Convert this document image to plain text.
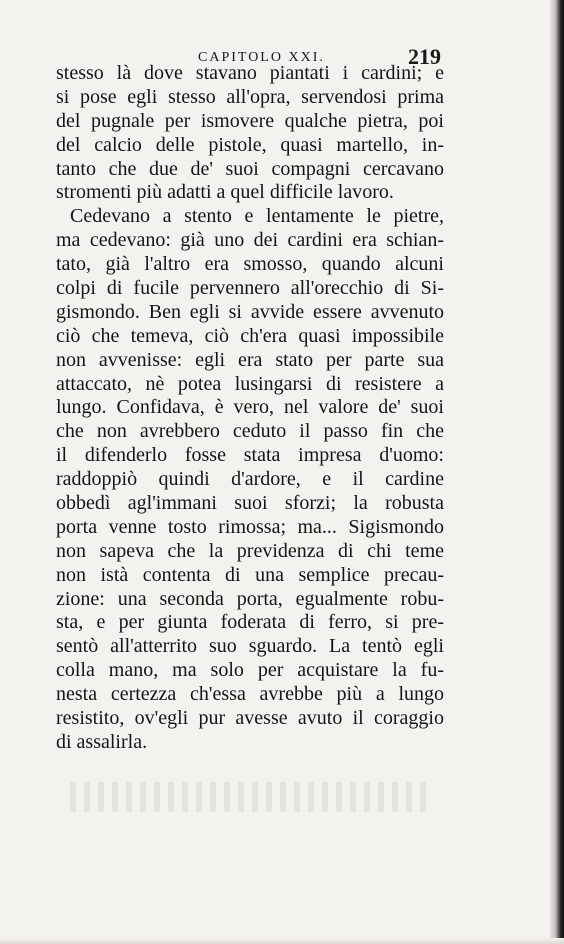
CAPITOLO XXI.	219
stesso là dove stavano piantati i cardini; e
si pose egli stesso all'opra, servendosi prima
del pugnale per ismovere qualche pietra, poi
del calcio delle pistole, quasi martello, in-
tanto che due de' suoi compagni cercavano
stromenti più adatti a quel difficile lavoro.
Cedevano a stento e lentamente le pietre,
ma cedevano: già uno dei cardini era schian-
tato, già l'altro era smosso, quando alcuni
colpi di fucile pervennero all'orecchio di Si-
gismondo. Ben egli si avvide essere avvenuto
ciò che temeva, ciò ch'era quasi impossibile
non avvenisse: egli era stato per parte sua
attaccato, nè potea lusingarsi di resistere a
lungo. Confidava, è vero, nel valore de' suoi
che non avrebbero ceduto il passo fin che
il difenderlo fosse stata impresa d'uomo:
raddoppiò quindi d'ardore, e il cardine
obbedì agl'immani suoi sforzi; la robusta
porta venne tosto rimossa; ma... Sigismondo
non sapeva che la previdenza di chi teme
non istà contenta di una semplice precau-
zione: una seconda porta, egualmente robu-
sta, e per giunta foderata di ferro, si pre-
sentò all'atterrito suo sguardo. La tentò egli
colla mano, ma solo per acquistare la fu-
nesta certezza ch'essa avrebbe più a lungo
resistito, ov'egli pur avesse avuto il coraggio
di assalirla.
